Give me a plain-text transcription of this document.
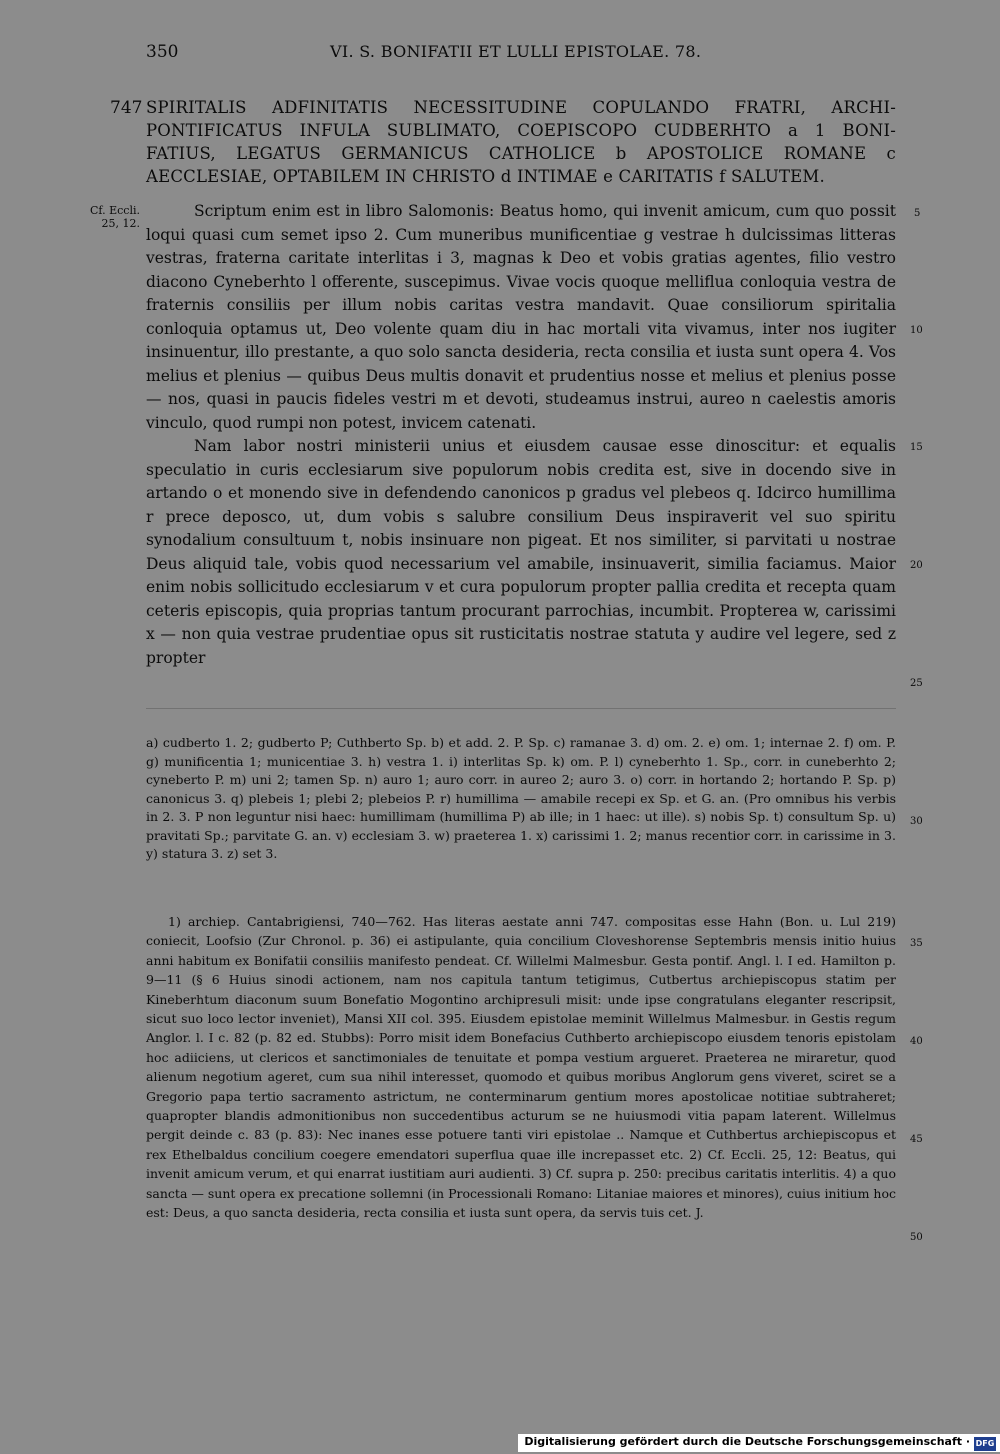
350	VI. S. BONIFATII ET LULLI EPISTOLAE. 78.
747 SPIRITALIS ADFINITATIS NECESSITUDINE COPULANDO FRATRI, ARCHI-
PONTIFICATUS INFULA SUBLIMATO, COEPISCOPO CUDBERHTO a 1 BONI-
FATIUS, LEGATUS GERMANICUS CATHOLICE b APOSTOLICE ROMANE c
AECCLESIAE, OPTABILEM IN CHRISTO d INTIMAE e CARITATIS f SALUTEM.
Cf. Eccli. 25, 12.

Scriptum enim est in libro Salomonis: Beatus homo, qui invenit amicum, cum quo possit loqui quasi cum semet ipso 2. Cum muneribus munificentiae g vestrae h dulcissimas litteras vestras, fraterna caritate interlitas i 3, magnas k Deo et vobis gratias agentes, filio vestro diacono Cyneberhto l offerente, suscepimus. Vivae vocis quoque melliflua conloquia vestra de fraternis consiliis per illum nobis caritas vestra mandavit. Quae consiliorum spiritalia conloquia optamus ut, Deo volente quam diu in hac mortali vita vivamus, inter nos iugiter insinuentur, illo prestante, a quo solo sancta desideria, recta consilia et iusta sunt opera 4. Vos melius et plenius — quibus Deus multis donavit et prudentius nosse et melius et plenius posse — nos, quasi in paucis fideles vestri m et devoti, studeamus instrui, aureo n caelestis amoris vinculo, quod rumpi non potest, invicem catenati.

Nam labor nostri ministerii unius et eiusdem causae esse dinoscitur: et equalis speculatio in curis ecclesiarum sive populorum nobis credita est, sive in docendo sive in artando o et monendo sive in defendendo canonicos p gradus vel plebeos q. Idcirco humillima r prece deposco, ut, dum vobis s salubre consilium Deus inspiraverit vel suo spiritu synodalium consultuum t, nobis insinuare non pigeat. Et nos similiter, si parvitati u nostrae Deus aliquid tale, vobis quod necessarium vel amabile, insinuaverit, similia faciamus. Maior enim nobis sollicitudo ecclesiarum v et cura populorum propter pallia credita et recepta quam ceteris episcopis, quia proprias tantum procurant parrochias, incumbit. Propterea w, carissimi x — non quia vestrae prudentiae opus sit rusticitatis nostrae statuta y audire vel legere, sed z propter

5
10
15
20
25
30
35
40
45
50
a) cudberto 1. 2; gudberto P; Cuthberto Sp. b) et add. 2. P. Sp. c) ramanae 3. d) om. 2. e) om. 1; internae 2. f) om. P. g) munificentia 1; municentiae 3. h) vestra 1. i) interlitas Sp. k) om. P. l) cyneberhto 1. Sp., corr. in cuneberhto 2; cyneberto P. m) uni 2; tamen Sp. n) auro 1; auro corr. in aureo 2; auro 3. o) corr. in hortando 2; hortando P. Sp. p) canonicus 3. q) plebeis 1; plebi 2; plebeios P. r) humillima — amabile recepi ex Sp. et G. an. (Pro omnibus his verbis in 2. 3. P non leguntur nisi haec: humillimam (humillima P) ab ille; in 1 haec: ut ille). s) nobis Sp. t) consultum Sp. u) pravitati Sp.; parvitate G. an. v) ecclesiam 3. w) praeterea 1. x) carissimi 1. 2; manus recentior corr. in carissime in 3. y) statura 3. z) set 3.

1) archiep. Cantabrigiensi, 740—762. Has literas aestate anni 747. compositas esse Hahn (Bon. u. Lul 219) coniecit, Loofsio (Zur Chronol. p. 36) ei astipulante, quia concilium Cloveshorense Septembris mensis initio huius anni habitum ex Bonifatii consiliis manifesto pendeat. Cf. Willelmi Malmesbur. Gesta pontif. Angl. l. I ed. Hamilton p. 9—11 (§ 6 Huius sinodi actionem, nam nos capitula tantum tetigimus, Cutbertus archiepiscopus statim per Kineberhtum diaconum suum Bonefatio Mogontino archipresuli misit: unde ipse congratulans eleganter rescripsit, sicut suo loco lector inveniet), Mansi XII col. 395. Eiusdem epistolae meminit Willelmus Malmesbur. in Gestis regum Anglor. l. I c. 82 (p. 82 ed. Stubbs): Porro misit idem Bonefacius Cuthberto archiepiscopo eiusdem tenoris epistolam hoc adiiciens, ut clericos et sanctimoniales de tenuitate et pompa vestium argueret. Praeterea ne miraretur, quod alienum negotium ageret, cum sua nihil interesset, quomodo et quibus moribus Anglorum gens viveret, sciret se a Gregorio papa tertio sacramento astrictum, ne conterminarum gentium mores apostolicae notitiae subtraheret; quapropter blandis admonitionibus non succedentibus acturum se ne huiusmodi vitia papam laterent. Willelmus pergit deinde c. 83 (p. 83): Nec inanes esse potuere tanti viri epistolae .. Namque et Cuthbertus archiepiscopus et rex Ethelbaldus concilium coegere emendatori superflua quae ille increpasset etc. 2) Cf. Eccli. 25, 12: Beatus, qui invenit amicum verum, et qui enarrat iustitiam auri audienti. 3) Cf. supra p. 250: precibus caritatis interlitis. 4) a quo sancta — sunt opera ex precatione sollemni (in Processionali Romano: Litaniae maiores et minores), cuius initium hoc est: Deus, a quo sancta desideria, recta consilia et iusta sunt opera, da servis tuis cet. J.

Digitalisierung gefördert durch die Deutsche Forschungsgemeinschaft · DFG
